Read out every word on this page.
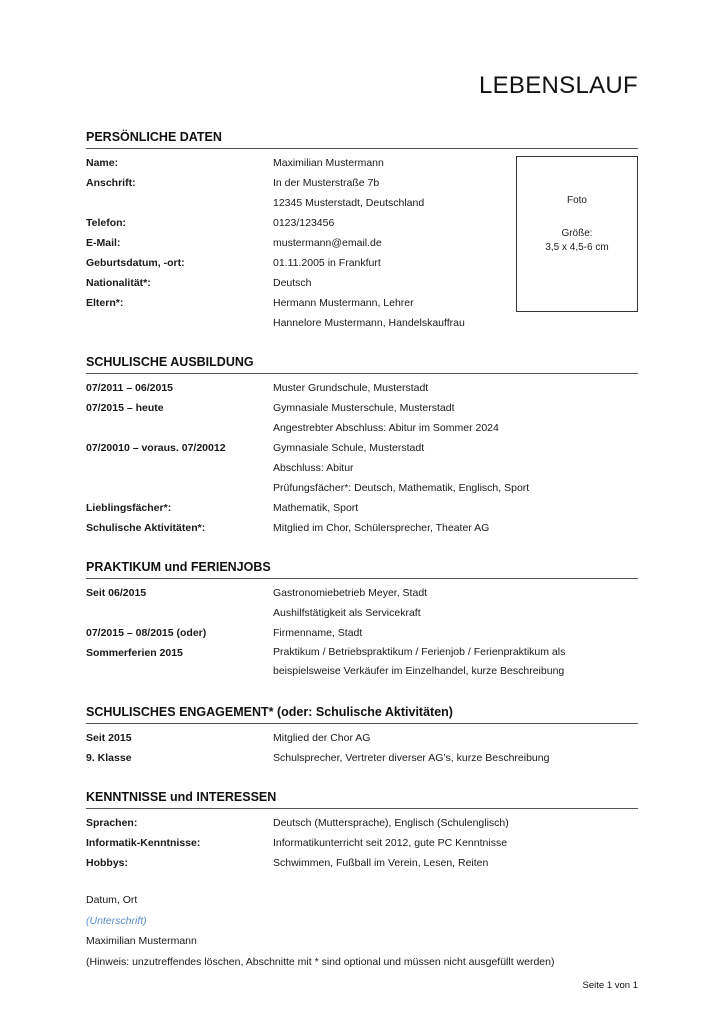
LEBENSLAUF
PERSÖNLICHE DATEN
Name:	Maximilian Mustermann
Anschrift:	In der Musterstraße 7b
12345 Musterstadt, Deutschland
Telefon:	0123/123456
E-Mail:	mustermann@email.de
Geburtsdatum, -ort:	01.11.2005 in Frankfurt
Nationalität*:	Deutsch
Eltern*:	Hermann Mustermann, Lehrer
Hannelore Mustermann, Handelskauffrau
Foto
Größe:
3,5 x 4,5-6 cm
SCHULISCHE AUSBILDUNG
07/2011 – 06/2015	Muster Grundschule, Musterstadt
07/2015 – heute	Gymnasiale Musterschule, Musterstadt
Angestrebter Abschluss: Abitur im Sommer 2024
07/20010 – voraus. 07/20012	Gymnasiale Schule, Musterstadt
Abschluss: Abitur
Prüfungsfächer*: Deutsch, Mathematik, Englisch, Sport
Lieblingsfächer*:	Mathematik, Sport
Schulische Aktivitäten*:	Mitglied im Chor, Schülersprecher, Theater AG
PRAKTIKUM und FERIENJOBS
Seit 06/2015	Gastronomiebetrieb Meyer, Stadt
Aushilfstätigkeit als Servicekraft
07/2015 – 08/2015 (oder)	Firmenname, Stadt
Sommerferien 2015	Praktikum / Betriebspraktikum / Ferienjob / Ferienpraktikum als beispielsweise Verkäufer im Einzelhandel, kurze Beschreibung
SCHULISCHES ENGAGEMENT* (oder: Schulische Aktivitäten)
Seit 2015	Mitglied der Chor AG
9. Klasse	Schulsprecher, Vertreter diverser AG’s, kurze Beschreibung
KENNTNISSE und INTERESSEN
Sprachen:	Deutsch (Muttersprache), Englisch (Schulenglisch)
Informatik-Kenntnisse:	Informatikunterricht seit 2012, gute PC Kenntnisse
Hobbys:	Schwimmen, Fußball im Verein, Lesen, Reiten
Datum, Ort
(Unterschrift)
Maximilian Mustermann
(Hinweis: unzutreffendes löschen, Abschnitte mit * sind optional und müssen nicht ausgefüllt werden)
Seite 1 von 1
